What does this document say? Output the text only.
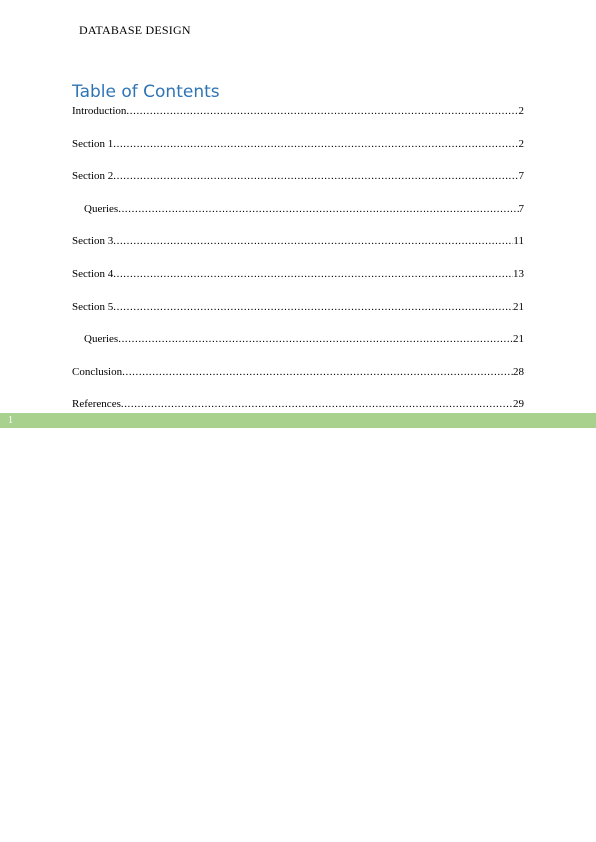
DATABASE DESIGN
Table of Contents
Introduction .....	2
Section 1 .....	2
Section 2 .....	7
Queries .....	7
Section 3 .....	11
Section 4 .....	13
Section 5 .....	21
Queries .....	21
Conclusion .....	28
References .....	29
1
